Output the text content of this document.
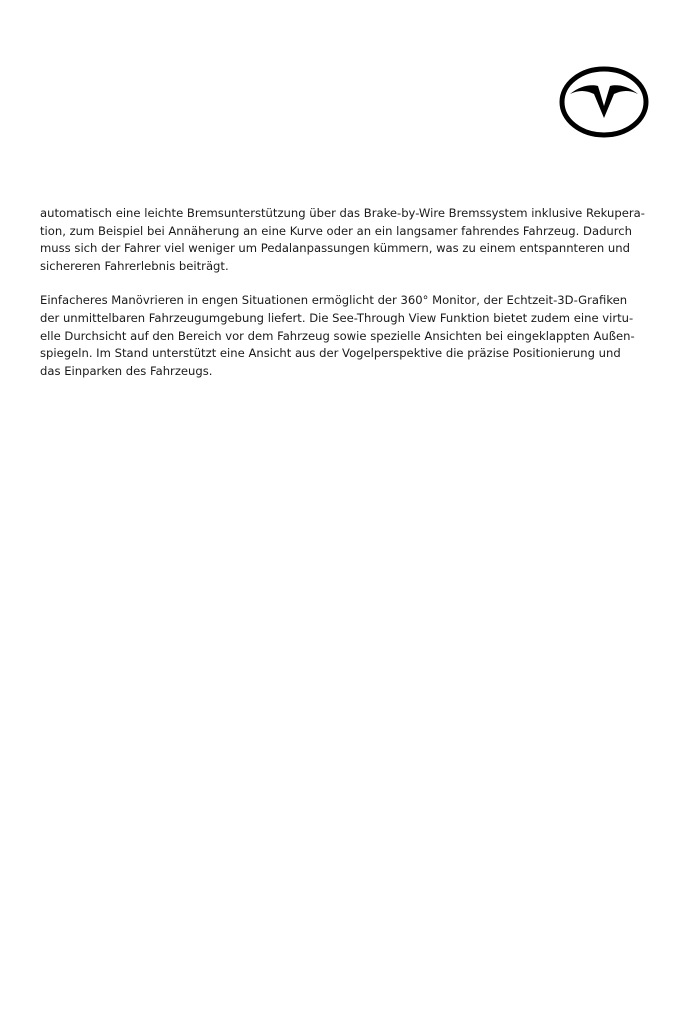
automatisch eine leichte Bremsunterstützung über das Brake-by-Wire Bremssystem inklusive Rekupera-
tion, zum Beispiel bei Annäherung an eine Kurve oder an ein langsamer fahrendes Fahrzeug. Dadurch
muss sich der Fahrer viel weniger um Pedalanpassungen kümmern, was zu einem entspannteren und
sichereren Fahrerlebnis beiträgt.

Einfacheres Manövrieren in engen Situationen ermöglicht der 360° Monitor, der Echtzeit-3D-Grafiken
der unmittelbaren Fahrzeugumgebung liefert. Die See-Through View Funktion bietet zudem eine virtu-
elle Durchsicht auf den Bereich vor dem Fahrzeug sowie spezielle Ansichten bei eingeklappten Außen-
spiegeln. Im Stand unterstützt eine Ansicht aus der Vogelperspektive die präzise Positionierung und
das Einparken des Fahrzeugs.
